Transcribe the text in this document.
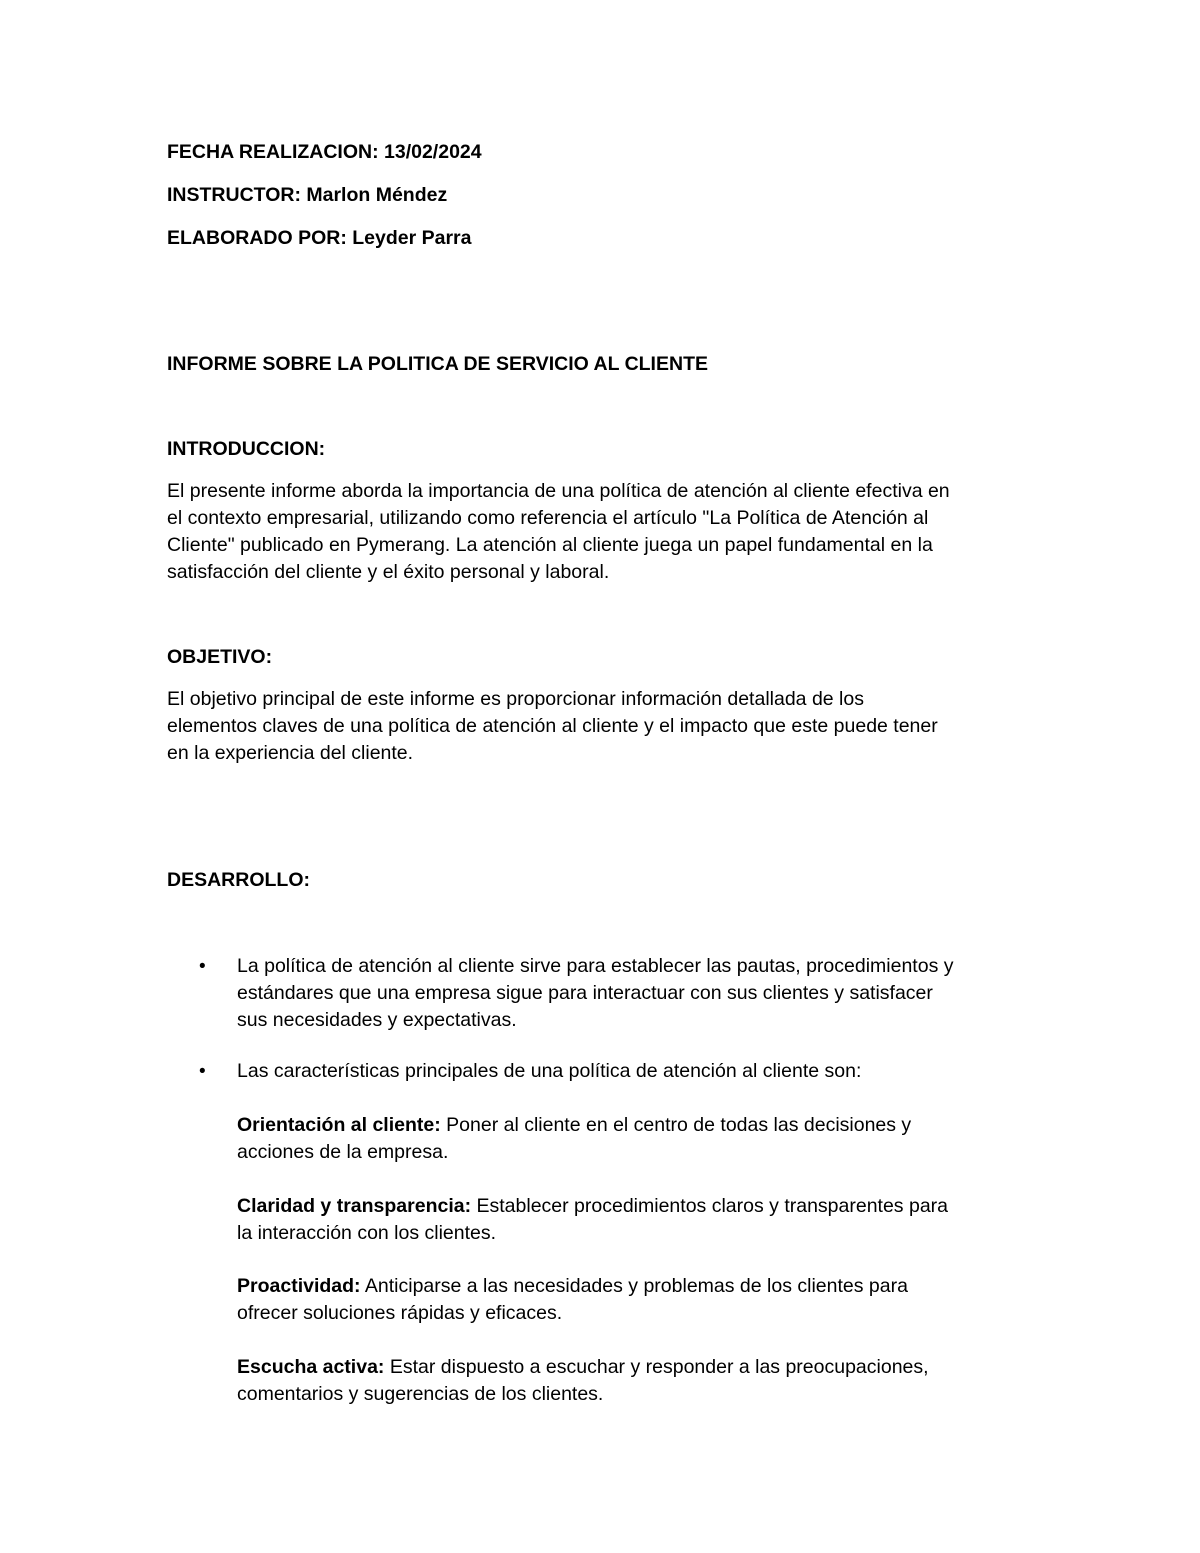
FECHA REALIZACION: 13/02/2024
INSTRUCTOR: Marlon Méndez
ELABORADO POR: Leyder Parra
INFORME SOBRE LA POLITICA DE SERVICIO AL CLIENTE
INTRODUCCION:
El presente informe aborda la importancia de una política de atención al cliente efectiva en
el contexto empresarial, utilizando como referencia el artículo "La Política de Atención al
Cliente" publicado en Pymerang. La atención al cliente juega un papel fundamental en la
satisfacción del cliente y el éxito personal y laboral.
OBJETIVO:
El objetivo principal de este informe es proporcionar información detallada de los
elementos claves de una política de atención al cliente y el impacto que este puede tener
en la experiencia del cliente.
DESARROLLO:
• La política de atención al cliente sirve para establecer las pautas, procedimientos y
estándares que una empresa sigue para interactuar con sus clientes y satisfacer
sus necesidades y expectativas.
• Las características principales de una política de atención al cliente son:
Orientación al cliente: Poner al cliente en el centro de todas las decisiones y
acciones de la empresa.
Claridad y transparencia: Establecer procedimientos claros y transparentes para
la interacción con los clientes.
Proactividad: Anticiparse a las necesidades y problemas de los clientes para
ofrecer soluciones rápidas y eficaces.
Escucha activa: Estar dispuesto a escuchar y responder a las preocupaciones,
comentarios y sugerencias de los clientes.
